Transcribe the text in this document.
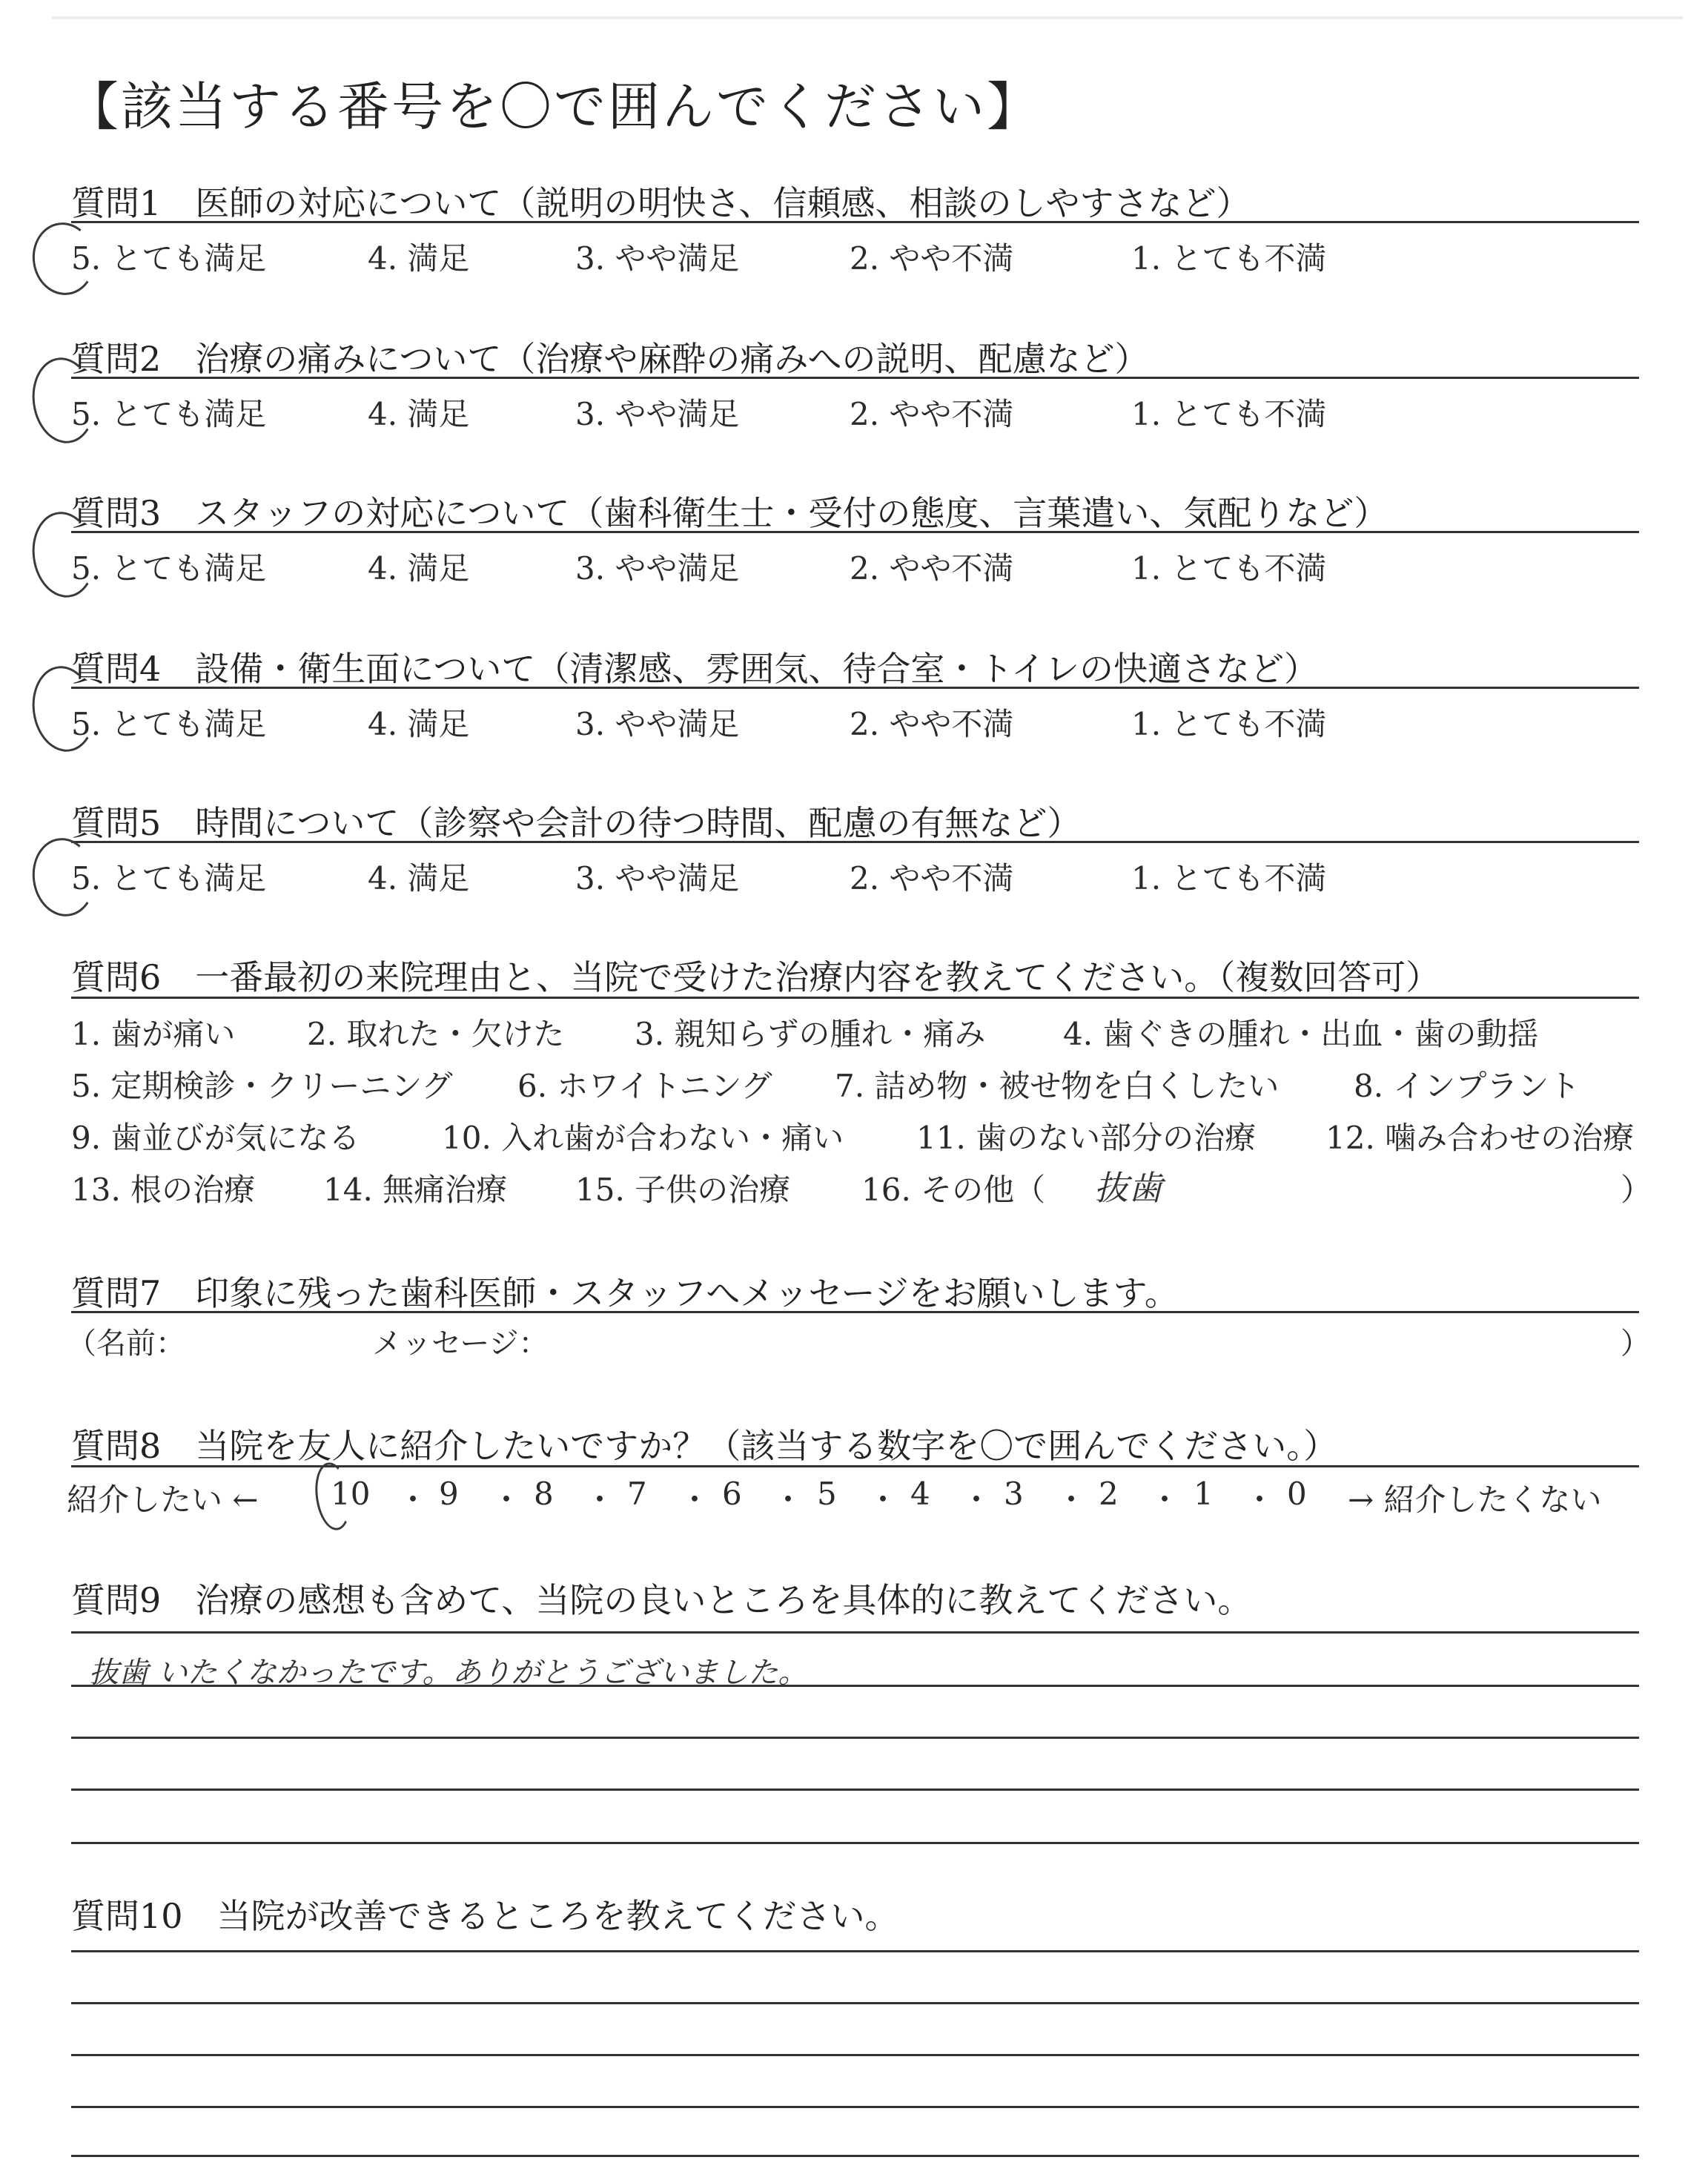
【該当する番号を〇で囲んでください】
質問1　 医師の対応について（説明の明快さ、信頼感、相談のしやすさなど）
5. とても満足	4. 満足	3. やや満足	2. やや不満	1. とても不満
質問2　 治療の痛みについて（治療や麻酔の痛みへの説明、配慮など）
5. とても満足	4. 満足	3. やや満足	2. やや不満	1. とても不満
質問3　 スタッフの対応について（歯科衛生士・受付の態度、言葉遣い、気配りなど）
5. とても満足	4. 満足	3. やや満足	2. やや不満	1. とても不満
質問4　 設備・衛生面について（清潔感、雰囲気、待合室・トイレの快適さなど）
5. とても満足	4. 満足	3. やや満足	2. やや不満	1. とても不満
質問5　 時間について（診察や会計の待つ時間、配慮の有無など）
5. とても満足	4. 満足	3. やや満足	2. やや不満	1. とても不満
質問6　 一番最初の来院理由と、当院で受けた治療内容を教えてください。（複数回答可）
1. 歯が痛い 2. 取れた・欠けた 3. 親知らずの腫れ・痛み 4. 歯ぐきの腫れ・出血・歯の動揺
5. 定期検診・クリーニング 6. ホワイトニング 7. 詰め物・被せ物を白くしたい 8. インプラント
9. 歯並びが気になる	10. 入れ歯が合わない・痛い 11. 歯のない部分の治療 12. 噛み合わせの治療
13. 根の治療 14. 無痛治療 15. 子供の治療 16. その他（ 抜歯	）
質問7　 印象に残った歯科医師・スタッフへメッセージをお願いします。
（名前：	メッセージ：	）
質問8　 当院を友人に紹介したいですか？（該当する数字を〇で囲んでください。）
紹介したい ← 10 ・ 9 ・ 8 ・ 7 ・ 6 ・ 5 ・ 4 ・ 3 ・ 2 ・ 1 ・ 0 → 紹介したくない
質問9　 治療の感想も含めて、当院の良いところを具体的に教えてください。
抜歯 いたくなかったです。ありがとうございました。
質問10　 当院が改善できるところを教えてください。
